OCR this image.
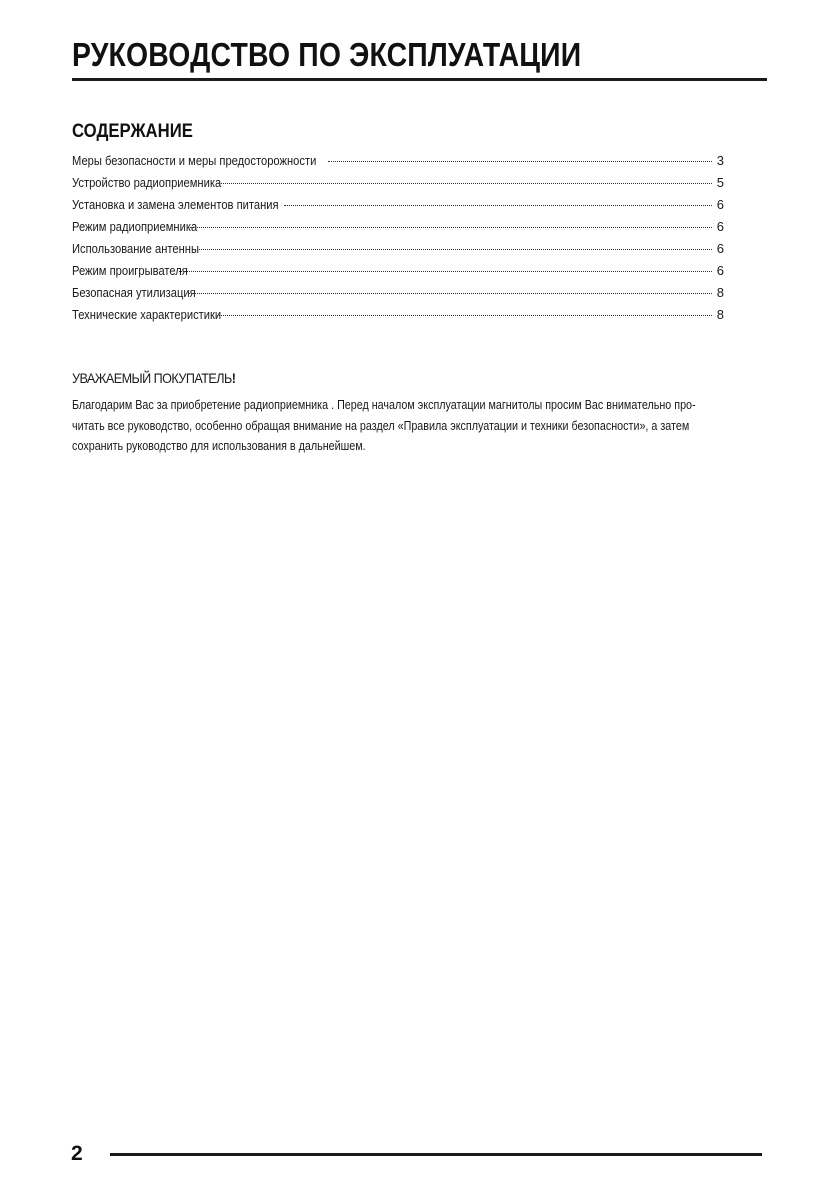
РУКОВОДСТВО ПО ЭКСПЛУАТАЦИИ
СОДЕРЖАНИЕ
Меры безопасности и меры предосторожности	3
Устройство радиоприемника	5
Установка и замена элементов питания	6
Режим радиоприемника	6
Использование антенны	6
Режим проигрывателя	6
Безопасная утилизация	8
Технические характеристики	8
УВАЖАЕМЫЙ ПОКУПАТЕЛЬ!

Благодарим Вас за приобретение радиоприемника . Перед началом эксплуатации магнитолы просим Вас внимательно про-
читать все руководство, особенно обращая внимание на раздел «Правила эксплуатации и техники безопасности», а затем
сохранить руководство для использования в дальнейшем.

2
